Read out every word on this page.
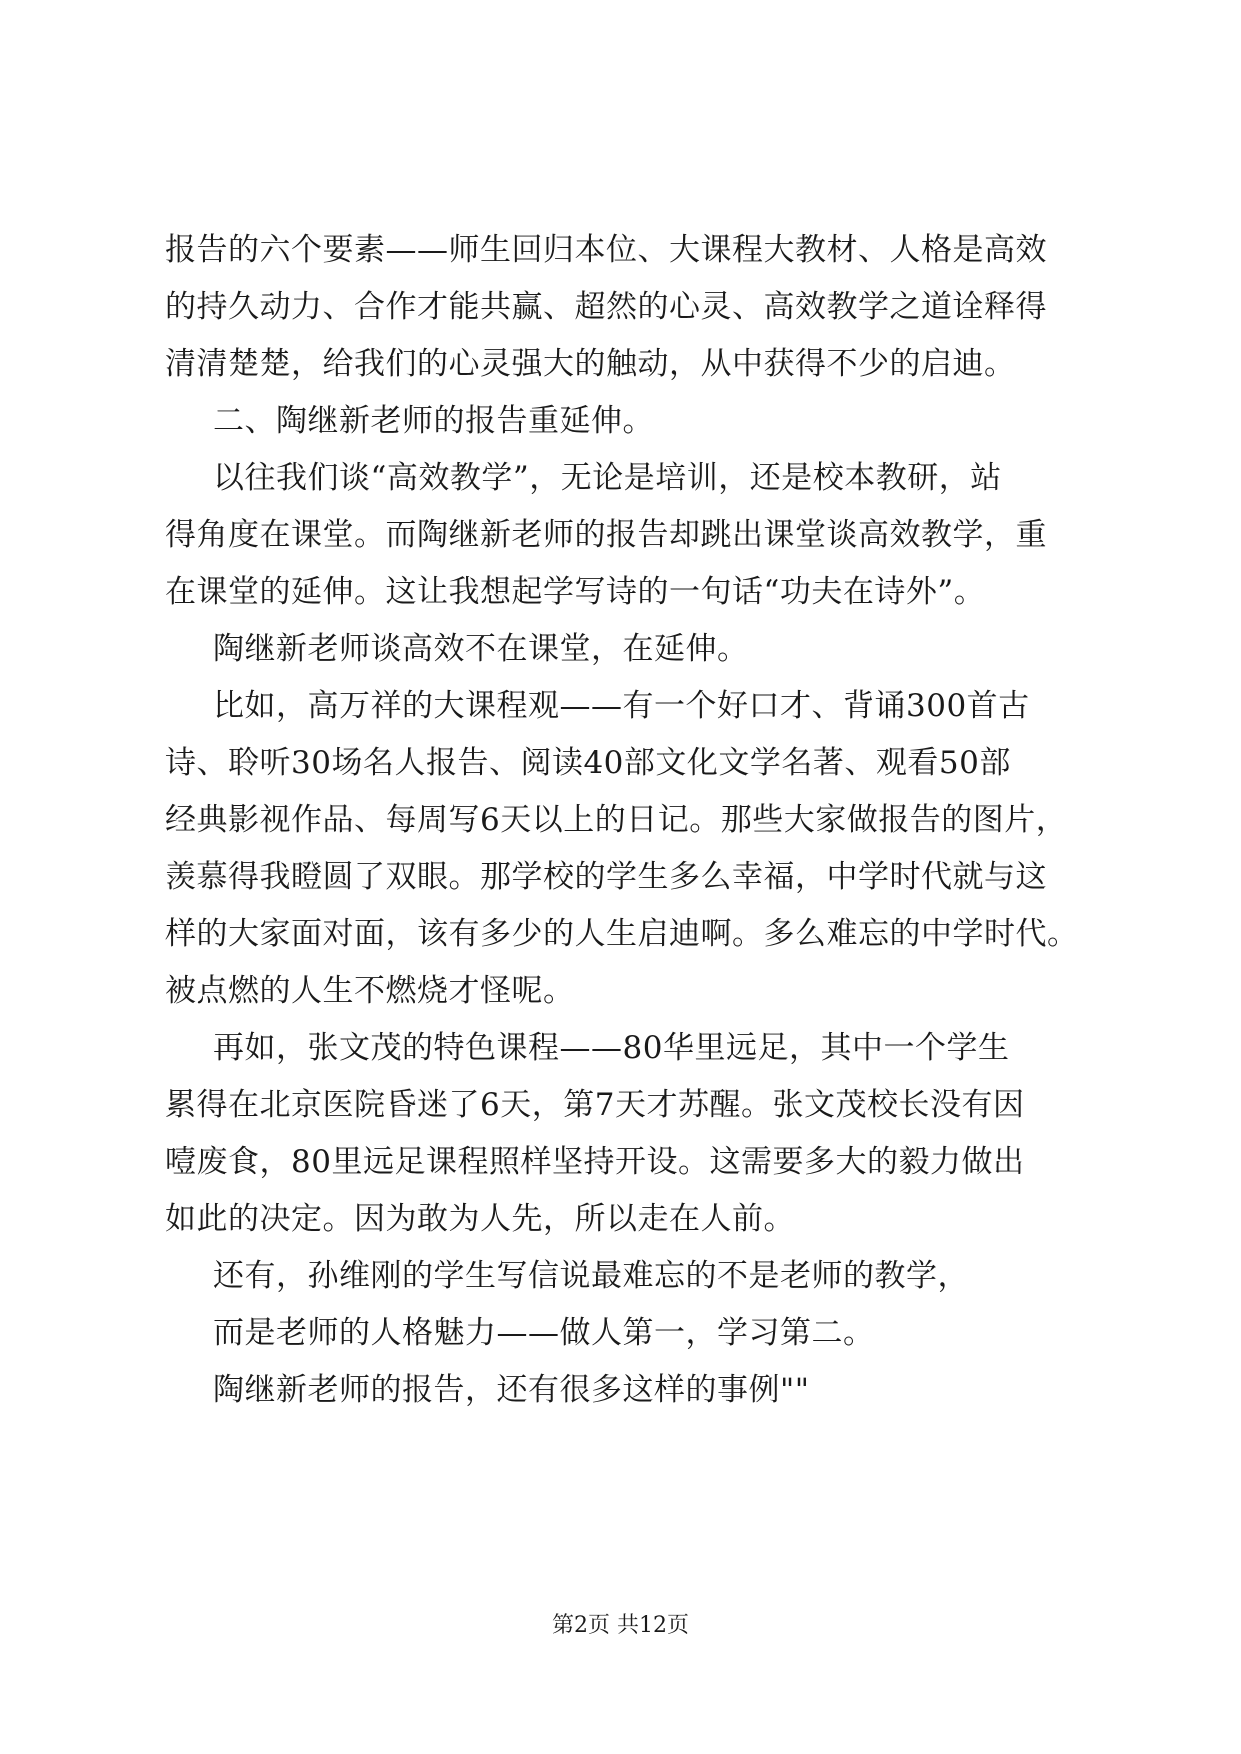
报告的六个要素——师生回归本位、大课程大教材、人格是高效
的持久动力、合作才能共赢、超然的心灵、高效教学之道诠释得
清清楚楚，给我们的心灵强大的触动，从中获得不少的启迪。
二、陶继新老师的报告重延伸。
以往我们谈“高效教学”，无论是培训，还是校本教研，站
得角度在课堂。而陶继新老师的报告却跳出课堂谈高效教学，重
在课堂的延伸。这让我想起学写诗的一句话“功夫在诗外”。
陶继新老师谈高效不在课堂，在延伸。
比如，高万祥的大课程观——有一个好口才、背诵300首古
诗、聆听30场名人报告、阅读40部文化文学名著、观看50部
经典影视作品、每周写6天以上的日记。那些大家做报告的图片，
羡慕得我瞪圆了双眼。那学校的学生多么幸福，中学时代就与这
样的大家面对面，该有多少的人生启迪啊。多么难忘的中学时代。
被点燃的人生不燃烧才怪呢。
再如，张文茂的特色课程——80华里远足，其中一个学生
累得在北京医院昏迷了6天，第7天才苏醒。张文茂校长没有因
噎废食，80里远足课程照样坚持开设。这需要多大的毅力做出
如此的决定。因为敢为人先，所以走在人前。
还有，孙维刚的学生写信说最难忘的不是老师的教学，
而是老师的人格魅力——做人第一，学习第二。
陶继新老师的报告，还有很多这样的事例""
第2页 共12页
